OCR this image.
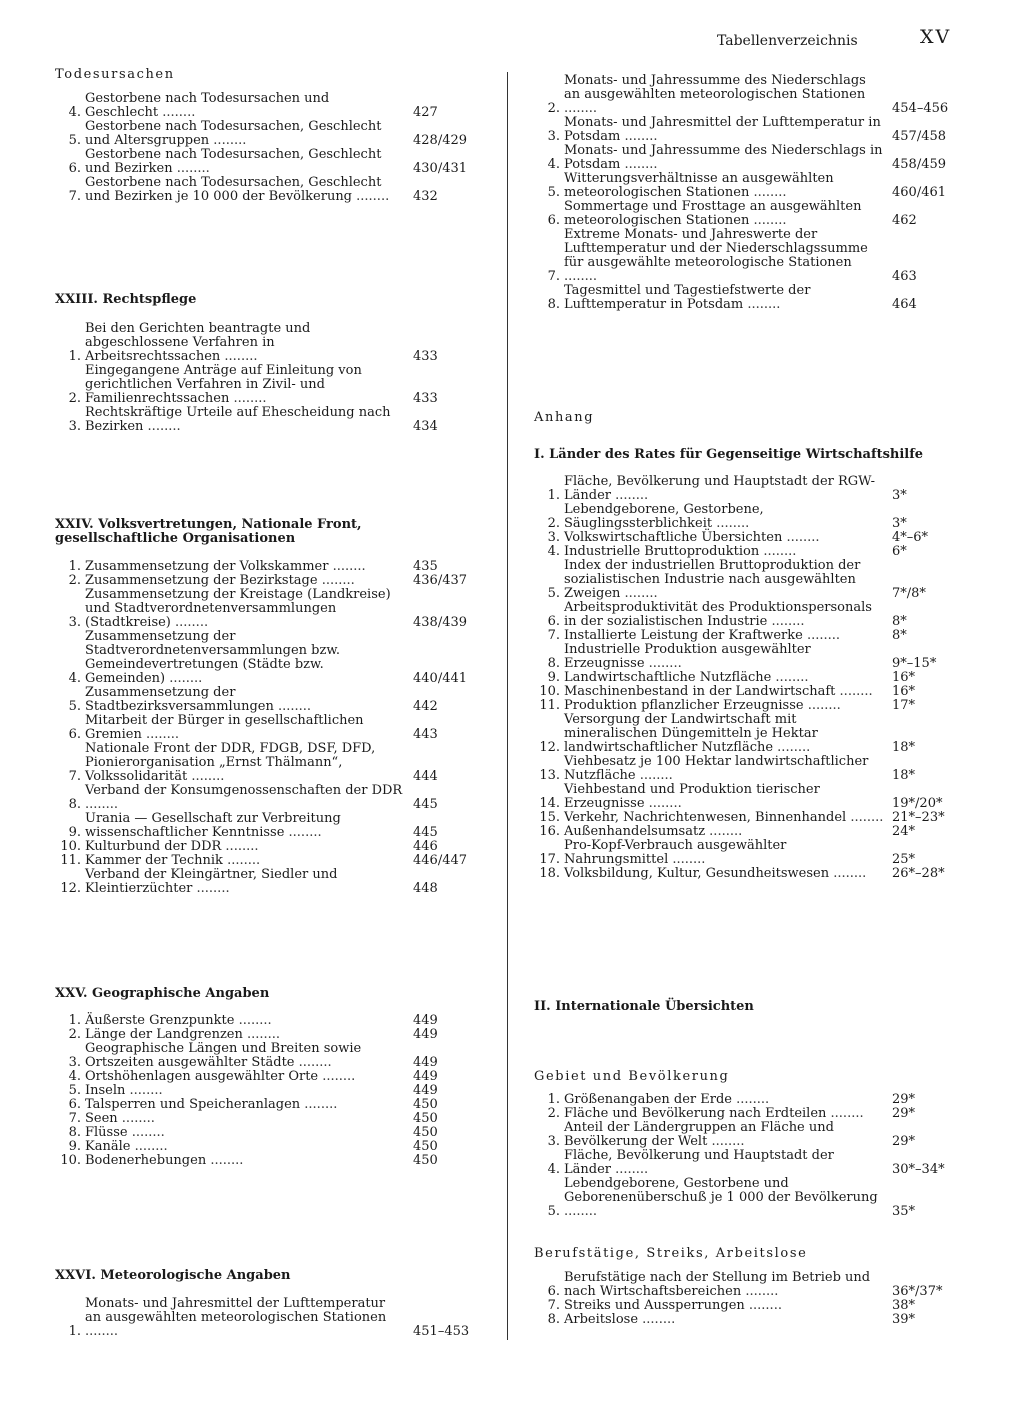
Tabellenverzeichnis	XV
Todesursachen
4.
Gestorbene nach Todesursachen und Geschlecht ........	427
5.
Gestorbene nach Todesursachen, Geschlecht und Altersgruppen ........	428/429
6.
Gestorbene nach Todesursachen, Geschlecht und Bezirken ........	430/431
7.
Gestorbene nach Todesursachen, Geschlecht und Bezirken je 10 000 der Bevölkerung ........	432
XXIII. Rechtspflege
1.
Bei den Gerichten beantragte und abgeschlossene Verfahren in Arbeitsrechtssachen ........	433
2.
Eingegangene Anträge auf Einleitung von gerichtlichen Verfahren in Zivil- und Familienrechtssachen ........	433
3.
Rechtskräftige Urteile auf Ehescheidung nach Bezirken ........	434
XXIV. Volksvertretungen, Nationale Front, gesellschaftliche Organisationen
1. Zusammensetzung der Volkskammer ........	435
2. Zusammensetzung der Bezirkstage ........	436/437
3.
Zusammensetzung der Kreistage (Landkreise) und Stadtverordnetenversammlungen (Stadtkreise) ........	438/439
4.
Zusammensetzung der Stadtverordnetenversammlungen bzw. Gemeindevertretungen (Städte bzw. Gemeinden) ........	440/441
5.
Zusammensetzung der Stadtbezirksversammlungen ........	442
6.
Mitarbeit der Bürger in gesellschaftlichen Gremien ........	443
7.
Nationale Front der DDR, FDGB, DSF, DFD, Pionierorganisation „Ernst Thälmann“, Volkssolidarität ........	444
8.
Verband der Konsumgenossenschaften der DDR ........	445
9.
Urania — Gesellschaft zur Verbreitung wissenschaftlicher Kenntnisse ........	445
10. Kulturbund der DDR ........	446
11. Kammer der Technik ........	446/447
12.
Verband der Kleingärtner, Siedler und Kleintierzüchter ........	448
XXV. Geographische Angaben
1. Äußerste Grenzpunkte ........	449
2. Länge der Landgrenzen ........	449
3.
Geographische Längen und Breiten sowie Ortszeiten ausgewählter Städte ........	449
4. Ortshöhenlagen ausgewählter Orte ........	449
5. Inseln ........	449
6. Talsperren und Speicheranlagen ........	450
7. Seen ........	450
8. Flüsse ........	450
9. Kanäle ........	450
10. Bodenerhebungen ........	450
XXVI. Meteorologische Angaben
1.
Monats- und Jahresmittel der Lufttemperatur an ausgewählten meteorologischen Stationen ........	451–453
2.
Monats- und Jahressumme des Niederschlags an ausgewählten meteorologischen Stationen ........	454–456
3.
Monats- und Jahresmittel der Lufttemperatur in Potsdam ........	457/458
4.
Monats- und Jahressumme des Niederschlags in Potsdam ........	458/459
5.
Witterungsverhältnisse an ausgewählten meteorologischen Stationen ........	460/461
6.
Sommertage und Frosttage an ausgewählten meteorologischen Stationen ........	462
7.
Extreme Monats- und Jahreswerte der Lufttemperatur und der Niederschlagssumme für ausgewählte meteorologische Stationen ........	463
8.
Tagesmittel und Tagestiefstwerte der Lufttemperatur in Potsdam ........	464
Anhang
I. Länder des Rates für Gegenseitige Wirtschaftshilfe
1.
Fläche, Bevölkerung und Hauptstadt der RGW-Länder ........	3*
2.
Lebendgeborene, Gestorbene, Säuglingssterblichkeit ........	3*
3. Volkswirtschaftliche Übersichten ........	4*–6*
4. Industrielle Bruttoproduktion ........	6*
5.
Index der industriellen Bruttoproduktion der sozialistischen Industrie nach ausgewählten Zweigen ........	7*/8*
6.
Arbeitsproduktivität des Produktionspersonals in der sozialistischen Industrie ........	8*
7. Installierte Leistung der Kraftwerke ........	8*
8.
Industrielle Produktion ausgewählter Erzeugnisse ........	9*–15*
9. Landwirtschaftliche Nutzfläche ........	16*
10. Maschinenbestand in der Landwirtschaft ........	16*
11. Produktion pflanzlicher Erzeugnisse ........	17*
12.
Versorgung der Landwirtschaft mit mineralischen Düngemitteln je Hektar landwirtschaftlicher Nutzfläche ........	18*
13.
Viehbesatz je 100 Hektar landwirtschaftlicher Nutzfläche ........	18*
14.
Viehbestand und Produktion tierischer Erzeugnisse ........	19*/20*
15. Verkehr, Nachrichtenwesen, Binnenhandel ........ 21*–23*
16. Außenhandelsumsatz ........	24*
17.
Pro-Kopf-Verbrauch ausgewählter Nahrungsmittel ........	25*
18. Volksbildung, Kultur, Gesundheitswesen ........	26*–28*
II. Internationale Übersichten
Gebiet und Bevölkerung
1. Größenangaben der Erde ........	29*
2. Fläche und Bevölkerung nach Erdteilen ........	29*
3.
Anteil der Ländergruppen an Fläche und Bevölkerung der Welt ........	29*
4.
Fläche, Bevölkerung und Hauptstadt der Länder ........	30*–34*
5.
Lebendgeborene, Gestorbene und Geborenenüberschuß je 1 000 der Bevölkerung ........	35*
Berufstätige, Streiks, Arbeitslose
6.
Berufstätige nach der Stellung im Betrieb und nach Wirtschaftsbereichen ........	36*/37*
7. Streiks und Aussperrungen ........	38*
8. Arbeitslose ........	39*
